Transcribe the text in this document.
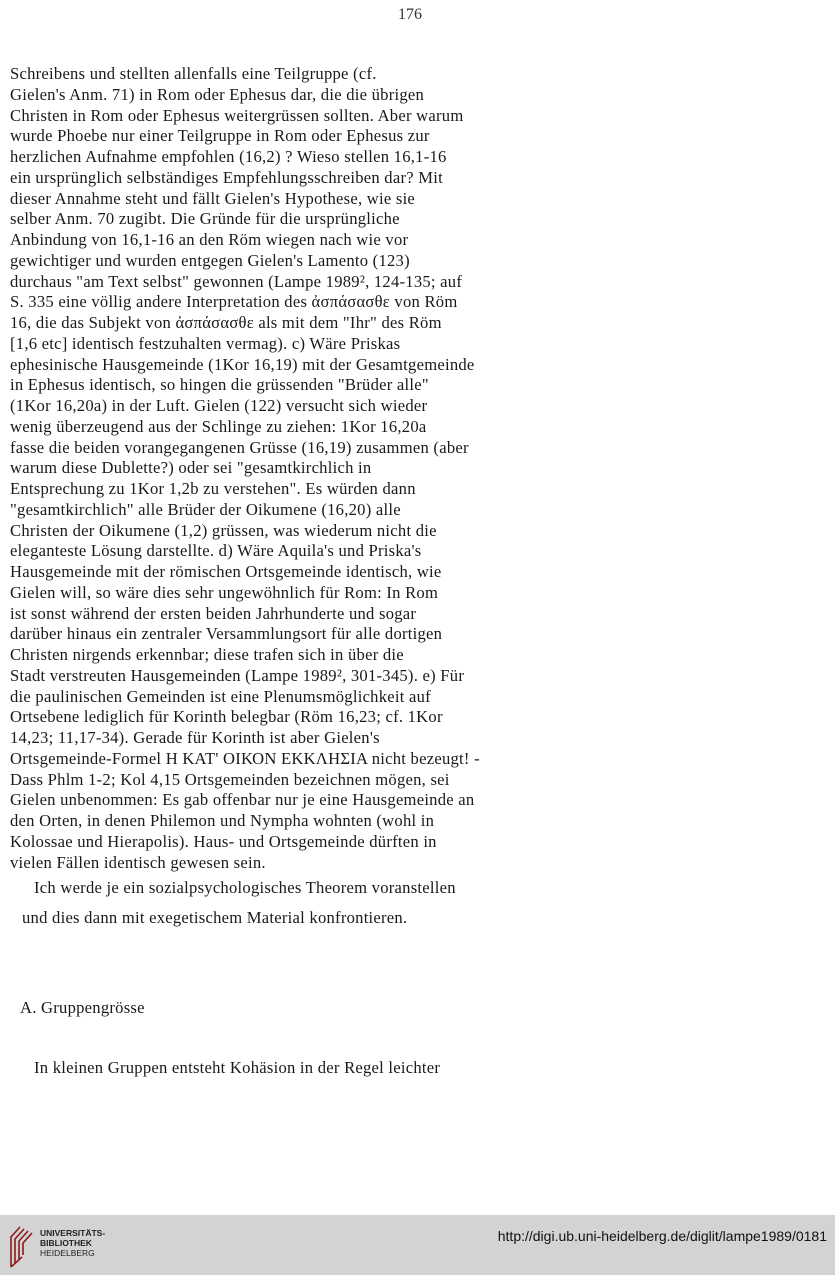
176
Schreibens und stellten allenfalls eine Teilgruppe (cf.
Gielen's Anm. 71) in Rom oder Ephesus dar, die die übrigen
Christen in Rom oder Ephesus weitergrüssen sollten. Aber warum
wurde Phoebe nur einer Teilgruppe in Rom oder Ephesus zur
herzlichen Aufnahme empfohlen (16,2) ? Wieso stellen 16,1-16
ein ursprünglich selbständiges Empfehlungsschreiben dar? Mit
dieser Annahme steht und fällt Gielen's Hypothese, wie sie
selber Anm. 70 zugibt. Die Gründe für die ursprüngliche
Anbindung von 16,1-16 an den Röm wiegen nach wie vor
gewichtiger und wurden entgegen Gielen's Lamento (123)
durchaus "am Text selbst" gewonnen (Lampe 1989², 124-135; auf
S. 335 eine völlig andere Interpretation des ἀσπάσασθε von Röm
16, die das Subjekt von ἀσπάσασθε als mit dem "Ihr" des Röm
[1,6 etc] identisch festzuhalten vermag). c) Wäre Priskas
ephesinische Hausgemeinde (1Kor 16,19) mit der Gesamtgemeinde
in Ephesus identisch, so hingen die grüssenden "Brüder alle"
(1Kor 16,20a) in der Luft. Gielen (122) versucht sich wieder
wenig überzeugend aus der Schlinge zu ziehen: 1Kor 16,20a
fasse die beiden vorangegangenen Grüsse (16,19) zusammen (aber
warum diese Dublette?) oder sei "gesamtkirchlich in
Entsprechung zu 1Kor 1,2b zu verstehen". Es würden dann
"gesamtkirchlich" alle Brüder der Oikumene (16,20) alle
Christen der Oikumene (1,2) grüssen, was wiederum nicht die
eleganteste Lösung darstellte. d) Wäre Aquila's und Priska's
Hausgemeinde mit der römischen Ortsgemeinde identisch, wie
Gielen will, so wäre dies sehr ungewöhnlich für Rom: In Rom
ist sonst während der ersten beiden Jahrhunderte und sogar
darüber hinaus ein zentraler Versammlungsort für alle dortigen
Christen nirgends erkennbar; diese trafen sich in über die
Stadt verstreuten Hausgemeinden (Lampe 1989², 301-345). e) Für
die paulinischen Gemeinden ist eine Plenumsmöglichkeit auf
Ortsebene lediglich für Korinth belegbar (Röm 16,23; cf. 1Kor
14,23; 11,17-34). Gerade für Korinth ist aber Gielen's
Ortsgemeinde-Formel Η ΚΑΤ' ΟΙΚΟΝ ΕΚΚΛΗΣΙΑ nicht bezeugt! -
Dass Phlm 1-2; Kol 4,15 Ortsgemeinden bezeichnen mögen, sei
Gielen unbenommen: Es gab offenbar nur je eine Hausgemeinde an
den Orten, in denen Philemon und Nympha wohnten (wohl in
Kolossae und Hierapolis). Haus- und Ortsgemeinde dürften in
vielen Fällen identisch gewesen sein.
Ich werde je ein sozialpsychologisches Theorem voranstellen
und dies dann mit exegetischem Material konfrontieren.
A. Gruppengrösse
In kleinen Gruppen entsteht Kohäsion in der Regel leichter
UNIVERSITÄTS-
BIBLIOTHEK
HEIDELBERG
http://digi.ub.uni-heidelberg.de/diglit/lampe1989/0181
